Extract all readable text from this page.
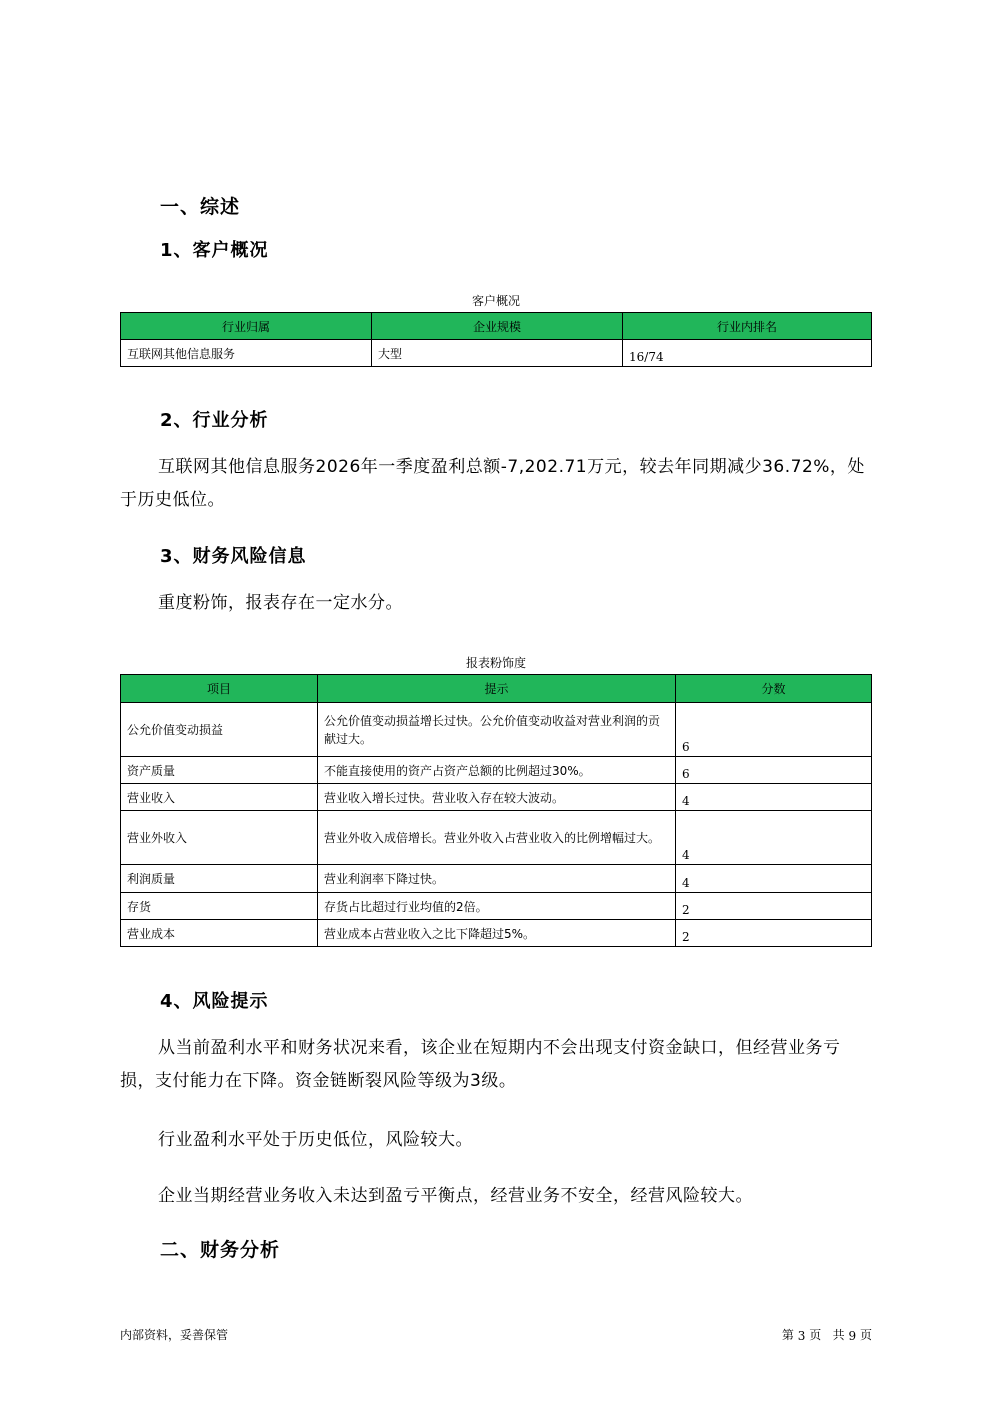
一、综述
1、客户概况
客户概况
行业归属	企业规模	行业内排名
互联网其他信息服务	大型	16/74
2、行业分析
互联网其他信息服务2026年一季度盈利总额-7,202.71万元，较去年同期减少36.72%，处于历史低位。
3、财务风险信息
重度粉饰，报表存在一定水分。
报表粉饰度
项目	提示	分数
公允价值变动损益	公允价值变动损益增长过快。公允价值变动收益对营业利润的贡献过大。	6
资产质量	不能直接使用的资产占资产总额的比例超过30%。	6
营业收入	营业收入增长过快。营业收入存在较大波动。	4
营业外收入	营业外收入成倍增长。营业外收入占营业收入的比例增幅过大。	4
利润质量	营业利润率下降过快。	4
存货	存货占比超过行业均值的2倍。	2
营业成本	营业成本占营业收入之比下降超过5%。	2
4、风险提示
从当前盈利水平和财务状况来看，该企业在短期内不会出现支付资金缺口，但经营业务亏损，支付能力在下降。资金链断裂风险等级为3级。
行业盈利水平处于历史低位，风险较大。
企业当期经营业务收入未达到盈亏平衡点，经营业务不安全，经营风险较大。
二、财务分析
内部资料，妥善保管	第 3 页 共 9 页
